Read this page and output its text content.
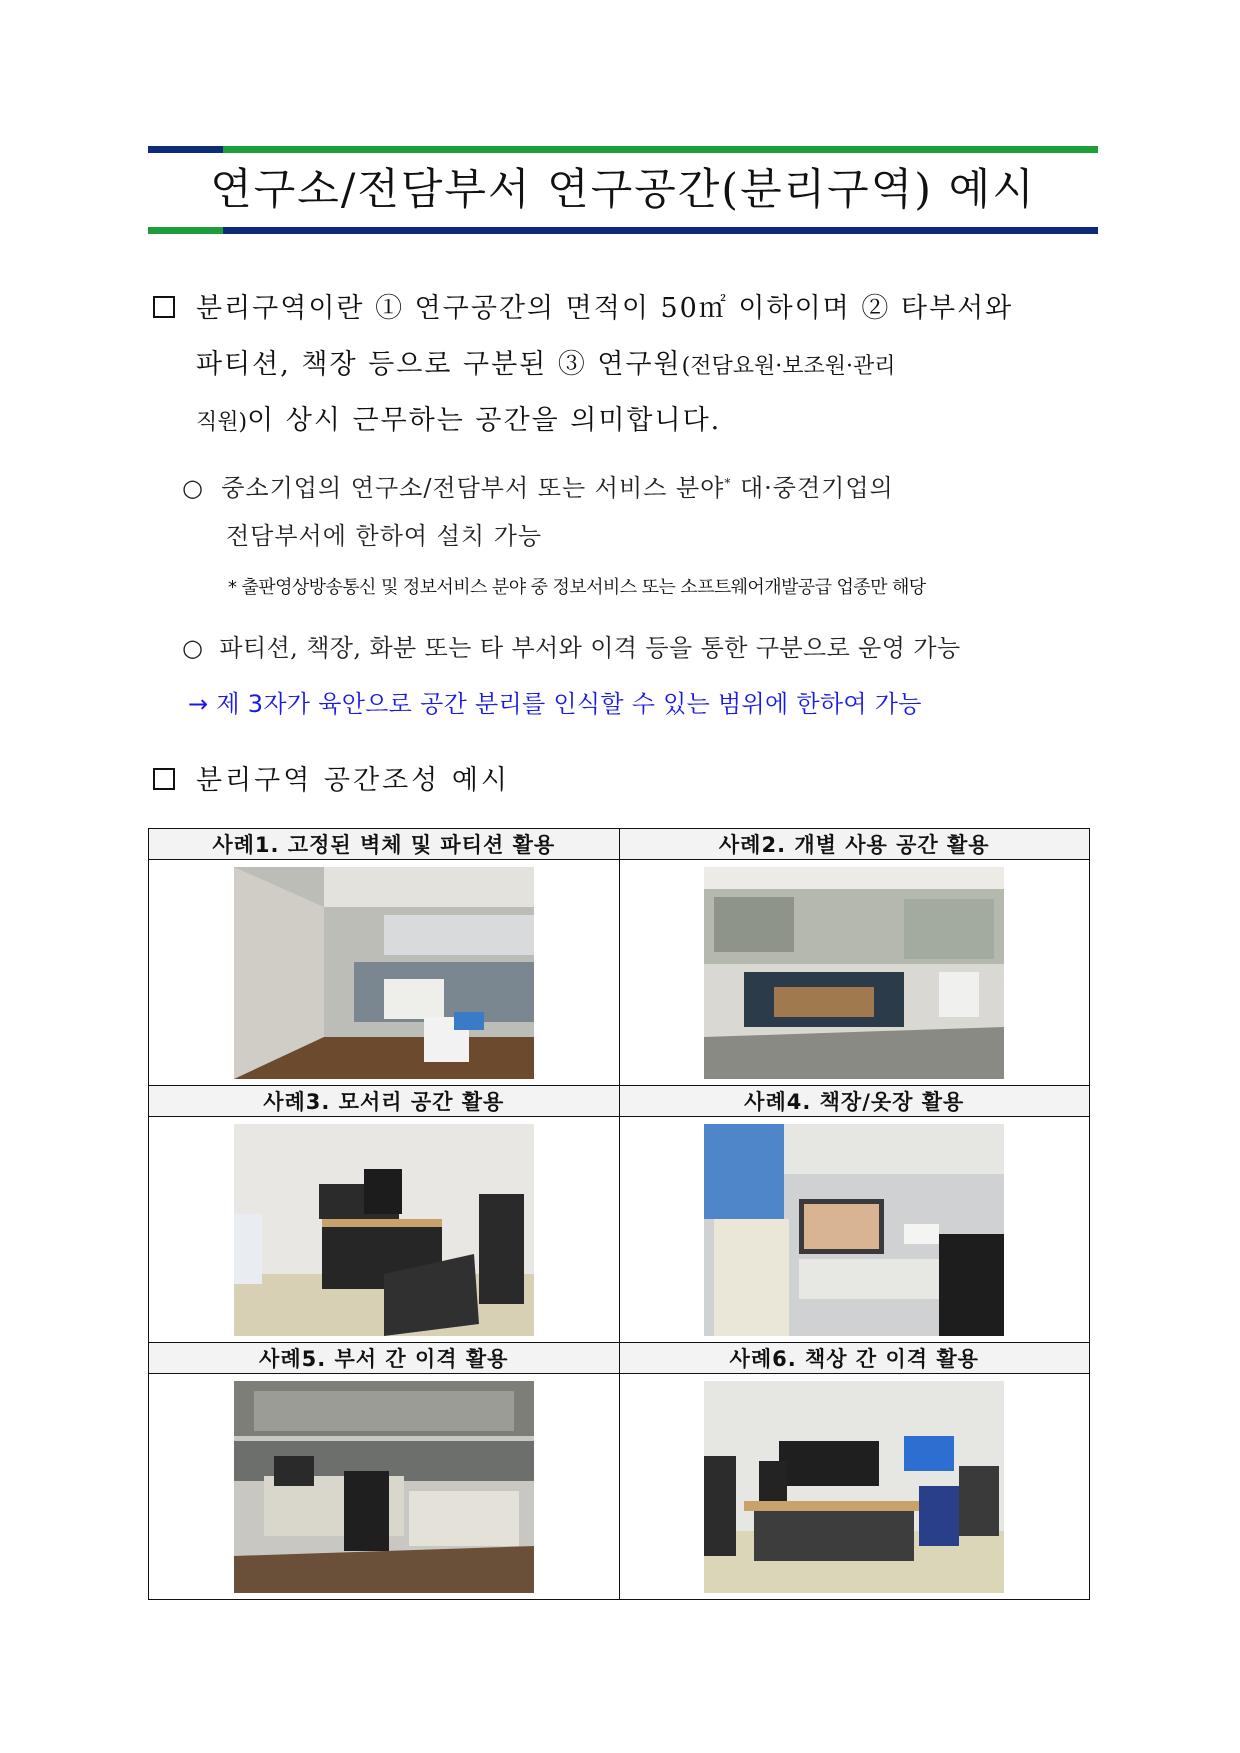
연구소/전담부서 연구공간(분리구역) 예시
분리구역이란 ① 연구공간의 면적이 50㎡ 이하이며 ② 타부서와
파티션, 책장 등으로 구분된 ③ 연구원(전담요원·보조원·관리
직원)이 상시 근무하는 공간을 의미합니다.
○ 중소기업의 연구소/전담부서 또는 서비스 분야* 대·중견기업의
전담부서에 한하여 설치 가능
* 출판영상방송통신 및 정보서비스 분야 중 정보서비스 또는 소프트웨어개발공급 업종만 해당
○ 파티션, 책장, 화분 또는 타 부서와 이격 등을 통한 구분으로 운영 가능
→ 제 3자가 육안으로 공간 분리를 인식할 수 있는 범위에 한하여 가능
분리구역 공간조성 예시
사례1. 고정된 벽체 및 파티션 활용	사례2. 개별 사용 공간 활용

사례3. 모서리 공간 활용	사례4. 책장/옷장 활용

사례5. 부서 간 이격 활용	사례6. 책상 간 이격 활용
